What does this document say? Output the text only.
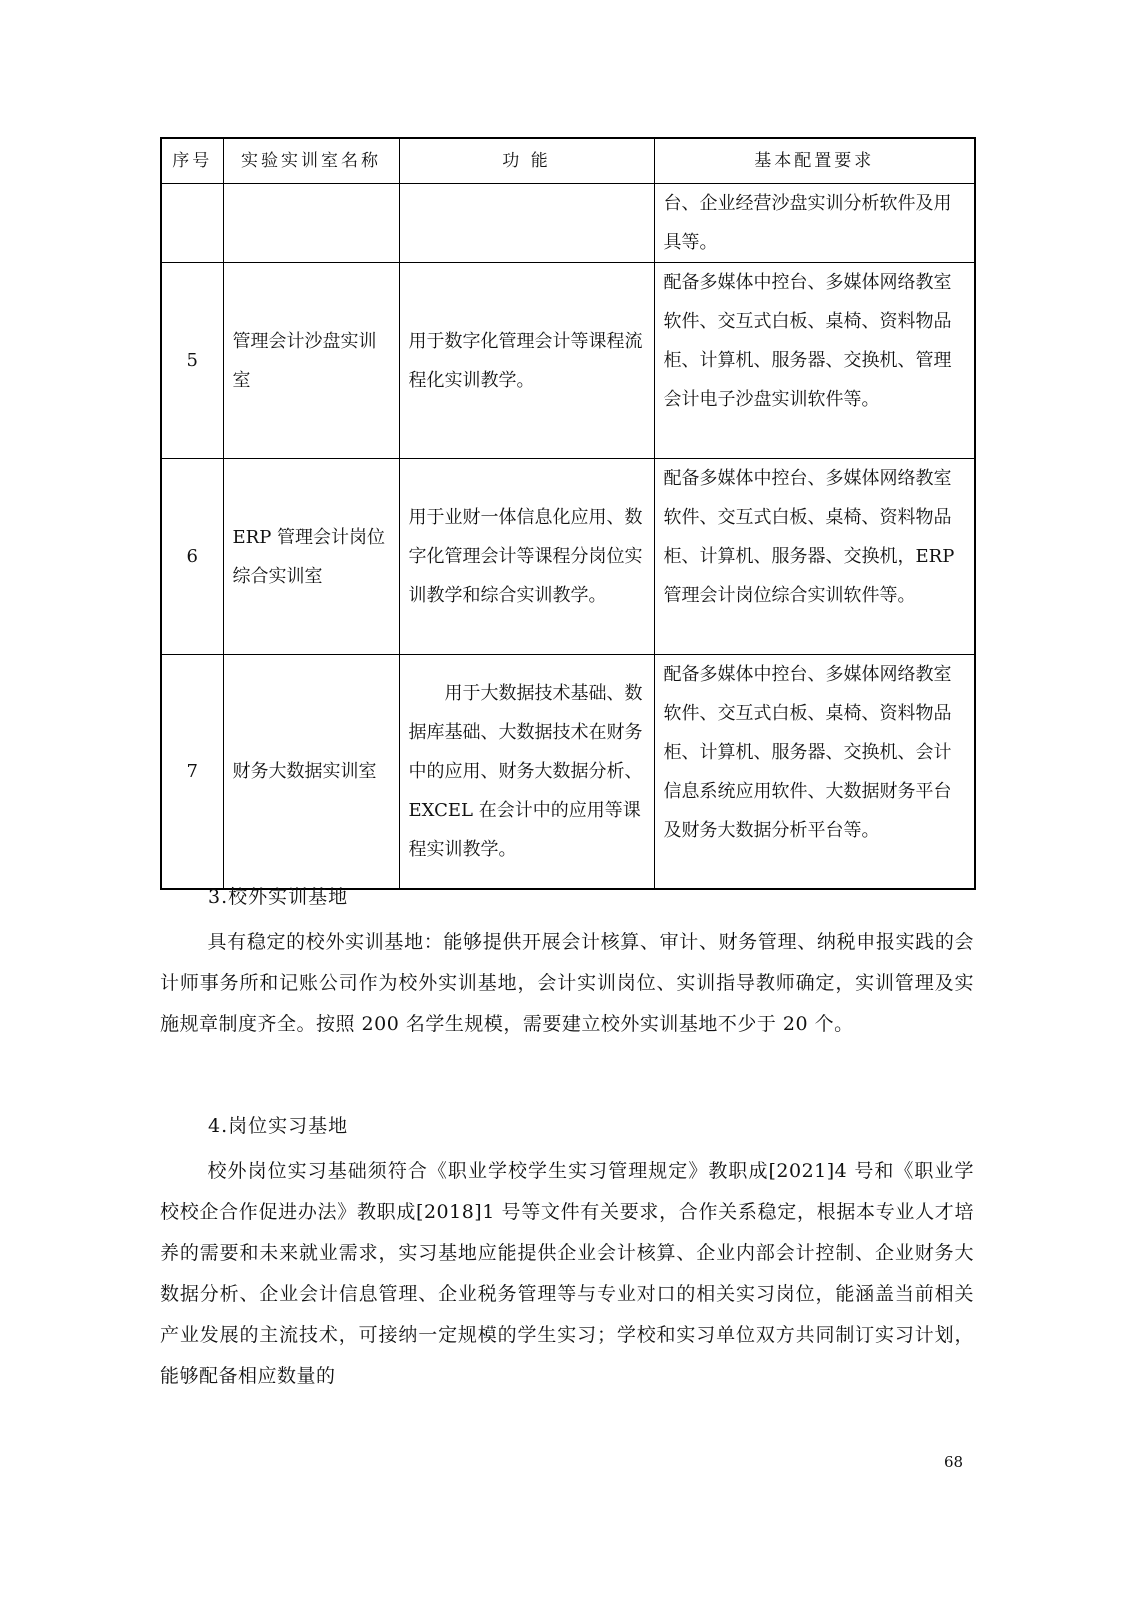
序号	实验实训室名称	功 能	基本配置要求
			台、企业经营沙盘实训分析软件及用具等。
5	管理会计沙盘实训室	用于数字化管理会计等课程流程化实训教学。	配备多媒体中控台、多媒体网络教室软件、交互式白板、桌椅、资料物品柜、计算机、服务器、交换机、管理会计电子沙盘实训软件等。
6	ERP 管理会计岗位综合实训室	用于业财一体信息化应用、数字化管理会计等课程分岗位实训教学和综合实训教学。	配备多媒体中控台、多媒体网络教室软件、交互式白板、桌椅、资料物品柜、计算机、服务器、交换机，ERP 管理会计岗位综合实训软件等。
7	财务大数据实训室	用于大数据技术基础、数据库基础、大数据技术在财务中的应用、财务大数据分析、EXCEL 在会计中的应用等课程实训教学。	配备多媒体中控台、多媒体网络教室软件、交互式白板、桌椅、资料物品柜、计算机、服务器、交换机、会计信息系统应用软件、大数据财务平台及财务大数据分析平台等。
3.校外实训基地
具有稳定的校外实训基地：能够提供开展会计核算、审计、财务管理、纳税申报实践的会计师事务所和记账公司作为校外实训基地，会计实训岗位、实训指导教师确定，实训管理及实施规章制度齐全。按照 200 名学生规模，需要建立校外实训基地不少于 20 个。
4.岗位实习基地
校外岗位实习基础须符合《职业学校学生实习管理规定》教职成[2021]4 号和《职业学校校企合作促进办法》教职成[2018]1 号等文件有关要求，合作关系稳定，根据本专业人才培养的需要和未来就业需求，实习基地应能提供企业会计核算、企业内部会计控制、企业财务大数据分析、企业会计信息管理、企业税务管理等与专业对口的相关实习岗位，能涵盖当前相关产业发展的主流技术，可接纳一定规模的学生实习；学校和实习单位双方共同制订实习计划，能够配备相应数量的
68
